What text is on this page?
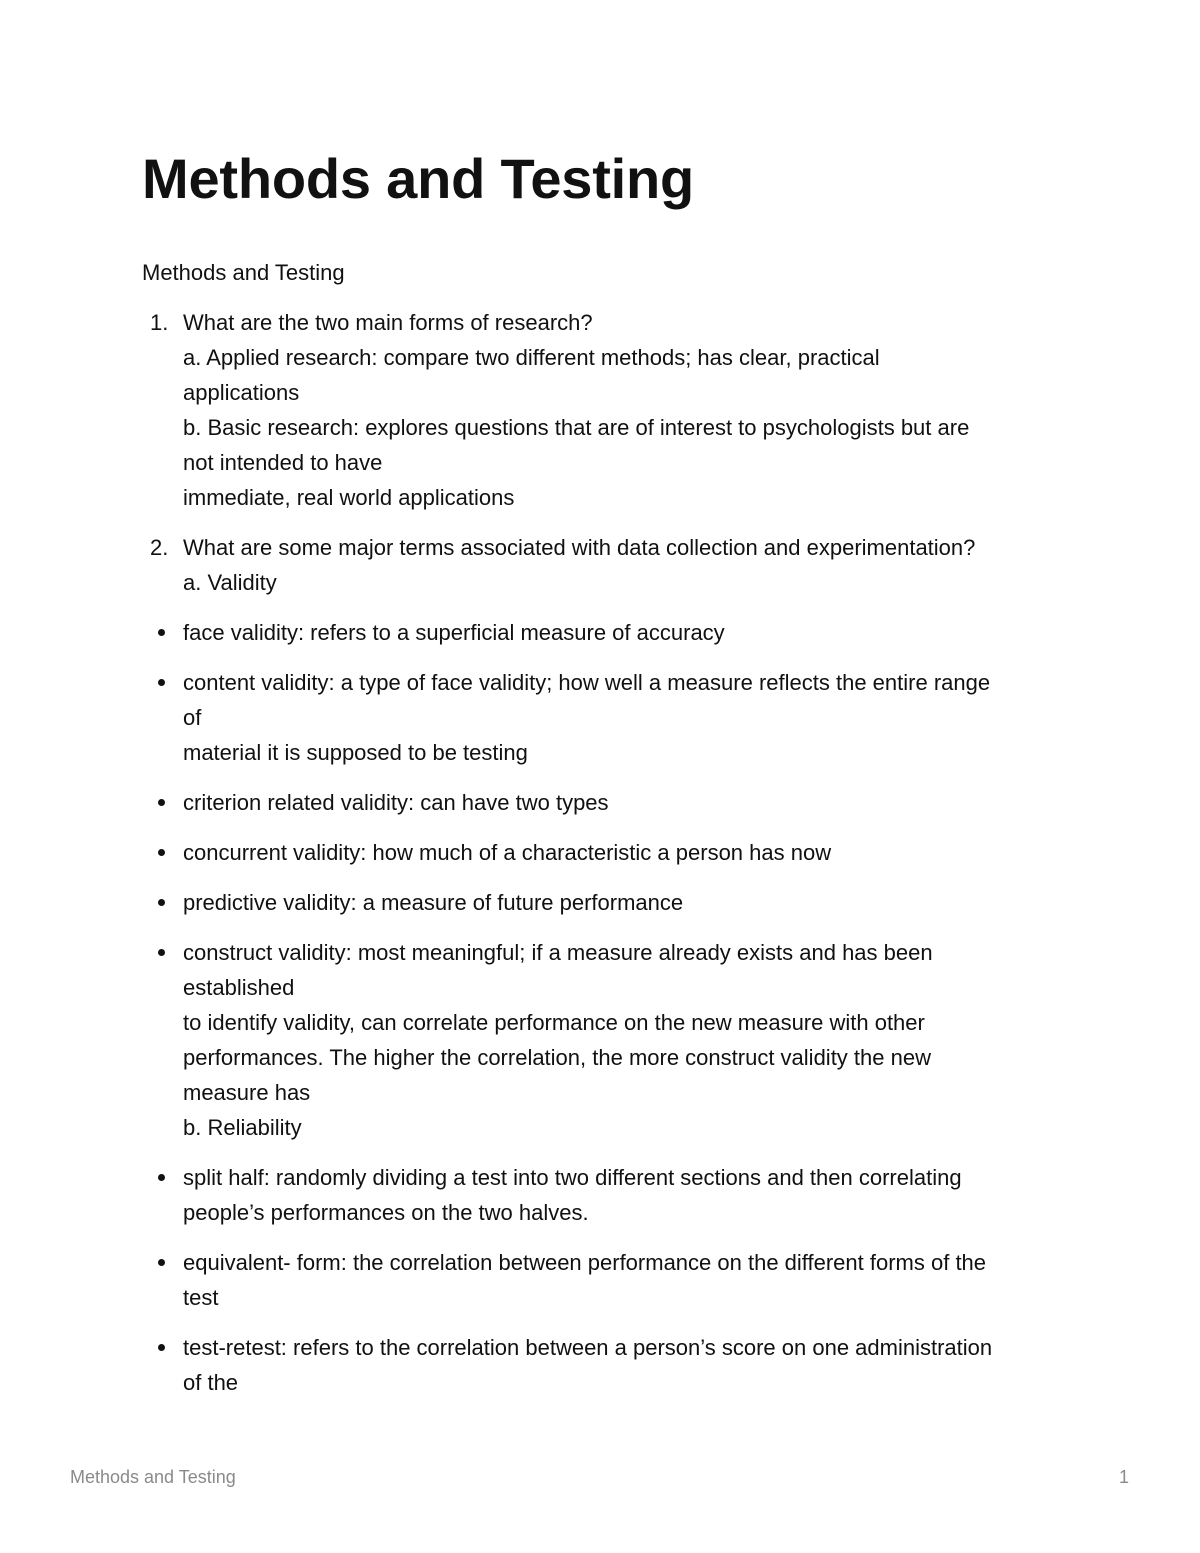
Methods and Testing

Methods and Testing

1. What are the two main forms of research?
a. Applied research: compare two different methods; has clear, practical
applications
b. Basic research: explores questions that are of interest to psychologists but are
not intended to have
immediate, real world applications
2. What are some major terms associated with data collection and experimentation?
a. Validity
face validity: refers to a superficial measure of accuracy
content validity: a type of face validity; how well a measure reflects the entire range
of
material it is supposed to be testing
criterion related validity: can have two types
concurrent validity: how much of a characteristic a person has now
predictive validity: a measure of future performance
construct validity: most meaningful; if a measure already exists and has been
established
to identify validity, can correlate performance on the new measure with other
performances. The higher the correlation, the more construct validity the new
measure has
b. Reliability
split half: randomly dividing a test into two different sections and then correlating
people’s performances on the two halves.
equivalent- form: the correlation between performance on the different forms of the
test
test-retest: refers to the correlation between a person’s score on one administration
of the
Methods and Testing	1
